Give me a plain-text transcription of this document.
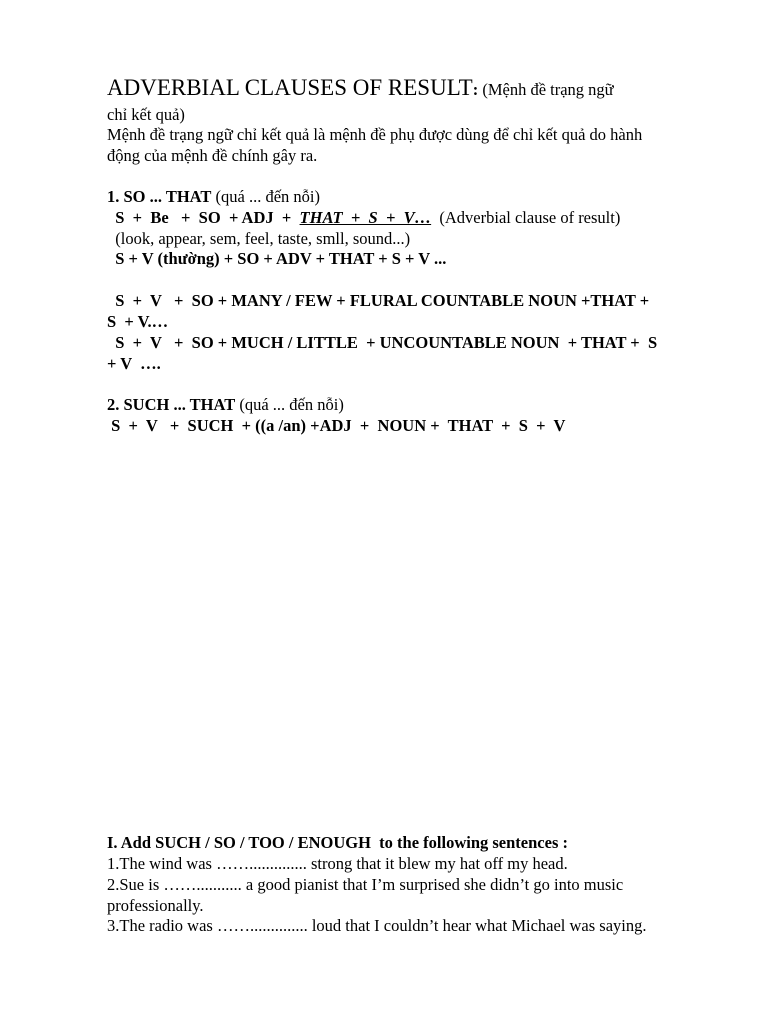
ADVERBIAL CLAUSES OF RESULT: (Mệnh đề trạng ngữ
chỉ kết quả)
Mệnh đề trạng ngữ chỉ kết quả là mệnh đề phụ được dùng để chỉ kết quả do hành
động của mệnh đề chính gây ra.
1. SO ... THAT (quá ... đến nỗi)
S  +  Be   +  SO  + ADJ  +  THAT  +  S  +  V…  (Adverbial clause of result)
(look, appear, sem, feel, taste, smll, sound...)
S + V (thường) + SO + ADV + THAT + S + V ...
S  +  V   +  SO + MANY / FEW + FLURAL COUNTABLE NOUN +THAT +
S  + V.…
S  +  V   +  SO + MUCH / LITTLE  + UNCOUNTABLE NOUN  + THAT +  S
+ V  ….
2. SUCH ... THAT (quá ... đến nỗi)
S  +  V   +  SUCH  + ((a /an) +ADJ  +  NOUN +  THAT  +  S  +  V
I. Add SUCH / SO / TOO / ENOUGH  to the following sentences :
1.The wind was …….............. strong that it blew my hat off my head.
2.Sue is ……........... a good pianist that I’m surprised she didn’t go into music
professionally.
3.The radio was …….............. loud that I couldn’t hear what Michael was saying.
